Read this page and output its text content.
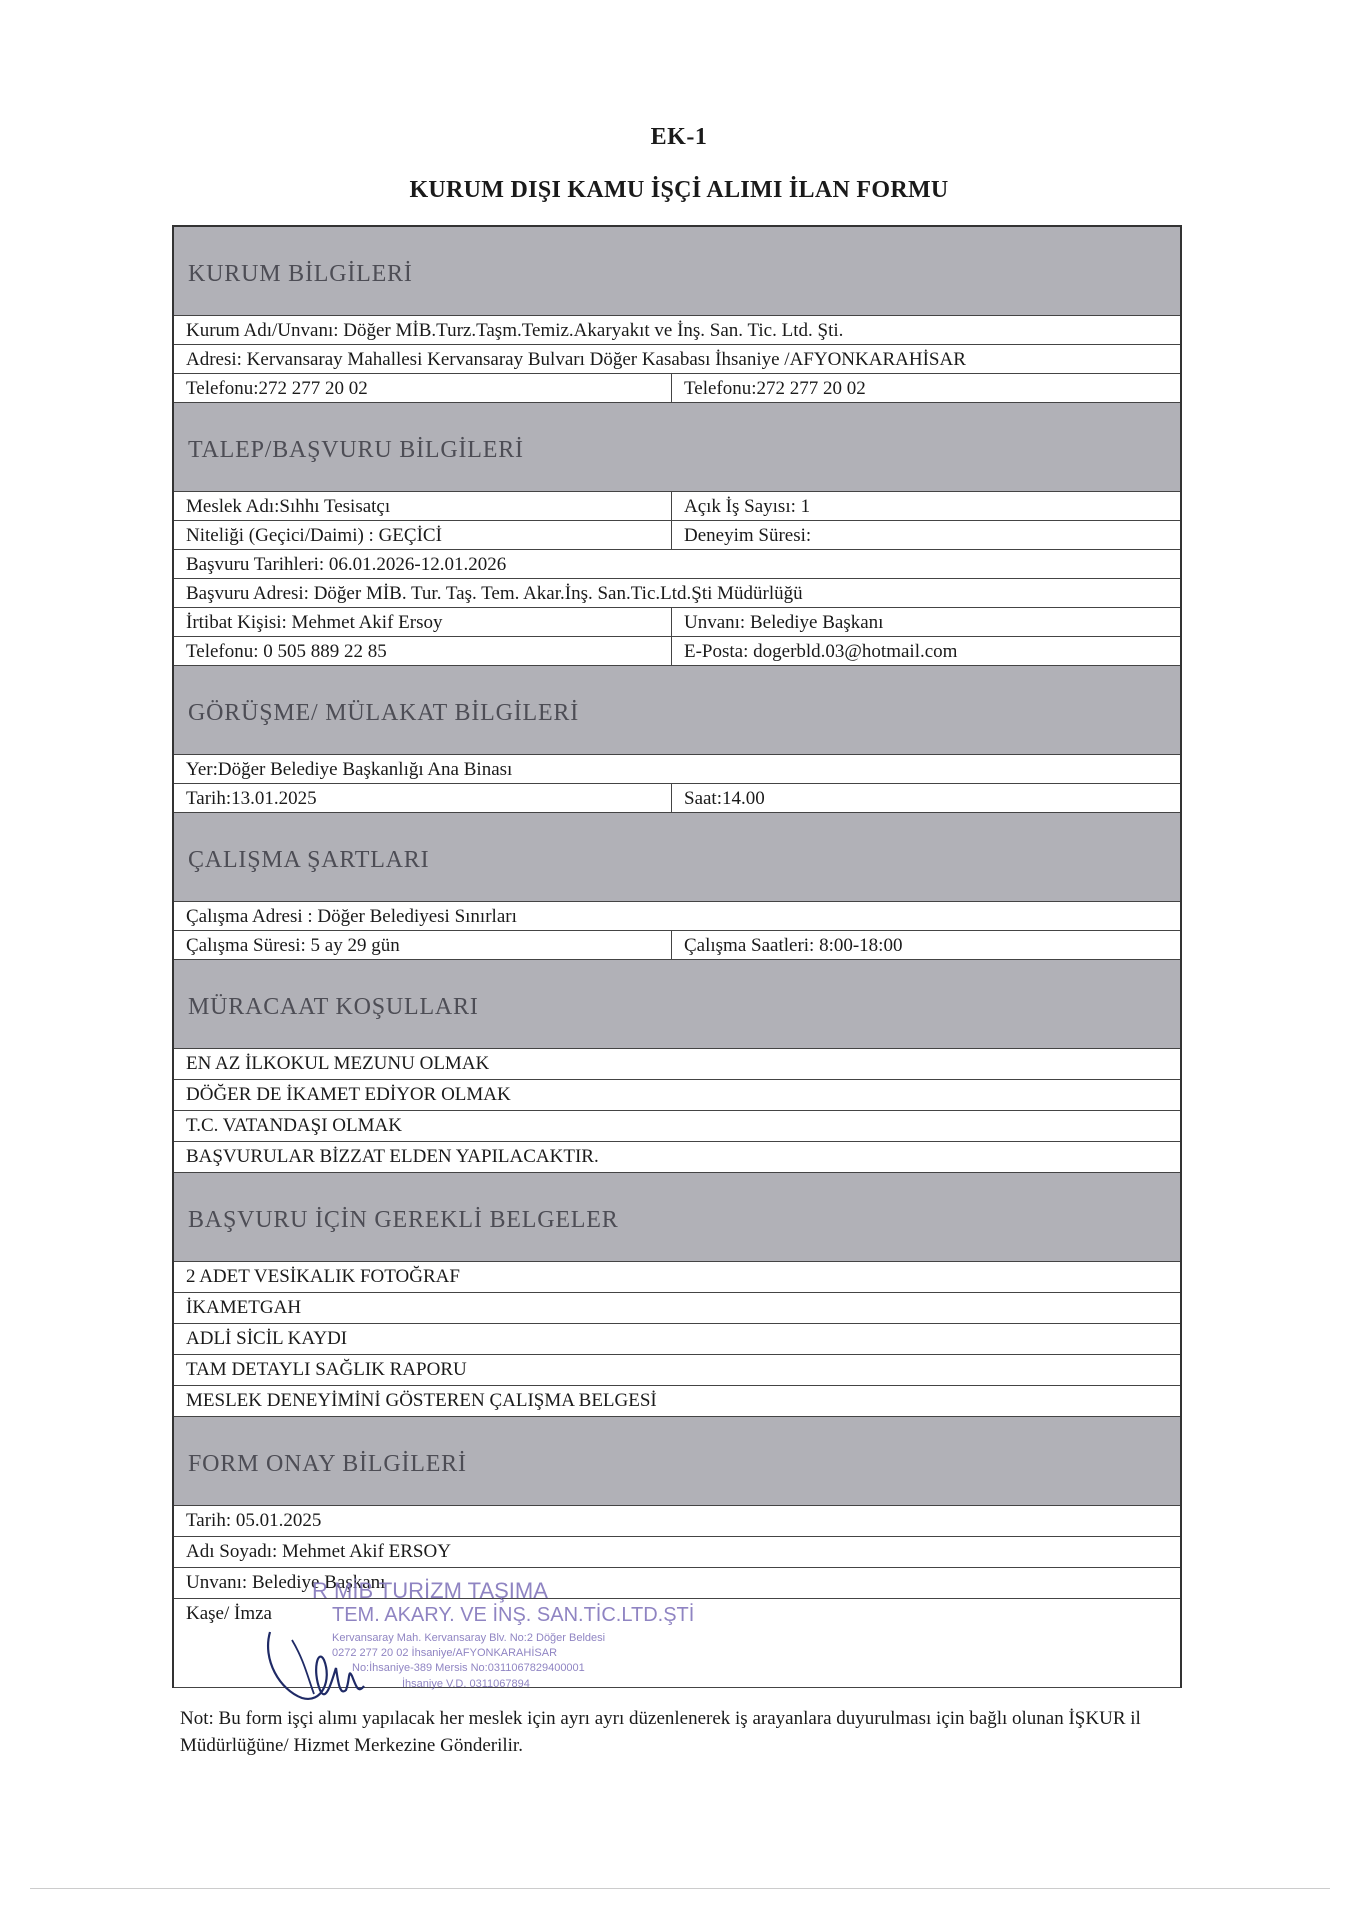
EK-1
KURUM DIŞI KAMU İŞÇİ ALIMI İLAN FORMU
KURUM BİLGİLERİ
Kurum Adı/Unvanı: Döğer MİB.Turz.Taşm.Temiz.Akaryakıt ve İnş. San. Tic. Ltd. Şti.
Adresi: Kervansaray Mahallesi Kervansaray Bulvarı Döğer Kasabası İhsaniye /AFYONKARAHİSAR
Telefonu:272 277 20 02	Telefonu:272 277 20 02
TALEP/BAŞVURU BİLGİLERİ
Meslek Adı:Sıhhı Tesisatçı	Açık İş Sayısı: 1
Niteliği (Geçici/Daimi) : GEÇİCİ	Deneyim Süresi:
Başvuru Tarihleri: 06.01.2026-12.01.2026
Başvuru Adresi: Döğer MİB. Tur. Taş. Tem. Akar.İnş. San.Tic.Ltd.Şti Müdürlüğü
İrtibat Kişisi: Mehmet Akif Ersoy	Unvanı: Belediye Başkanı
Telefonu: 0 505 889 22 85	E-Posta: dogerbld.03@hotmail.com
GÖRÜŞME/ MÜLAKAT BİLGİLERİ
Yer:Döğer Belediye Başkanlığı Ana Binası
Tarih:13.01.2025	Saat:14.00
ÇALIŞMA ŞARTLARI
Çalışma Adresi : Döğer Belediyesi Sınırları
Çalışma Süresi: 5 ay 29 gün	Çalışma Saatleri: 8:00-18:00
MÜRACAAT KOŞULLARI
EN AZ İLKOKUL MEZUNU OLMAK
DÖĞER DE İKAMET EDİYOR OLMAK
T.C. VATANDAŞI OLMAK
BAŞVURULAR BİZZAT ELDEN YAPILACAKTIR.
BAŞVURU İÇİN GEREKLİ BELGELER
2 ADET VESİKALIK FOTOĞRAF
İKAMETGAH
ADLİ SİCİL KAYDI
TAM DETAYLI SAĞLIK RAPORU
MESLEK DENEYİMİNİ GÖSTEREN ÇALIŞMA BELGESİ
FORM ONAY BİLGİLERİ
Tarih: 05.01.2025
Adı Soyadı: Mehmet Akif ERSOY
Unvanı: Belediye Başkanı
Kaşe/ İmza
R MİB TURİZM TAŞIMA
TEM. AKARY. VE İNŞ. SAN.TİC.LTD.ŞTİ
Kervansaray Mah. Kervansaray Blv. No:2 Döğer Beldesi
0272 277 20 02 İhsaniye/AFYONKARAHİSAR
No:İhsaniye-389 Mersis No:0311067829400001
İhsaniye V.D. 0311067894
Not: Bu form işçi alımı yapılacak her meslek için ayrı ayrı düzenlenerek iş arayanlara duyurulması için bağlı olunan İŞKUR il Müdürlüğüne/ Hizmet Merkezine Gönderilir.
